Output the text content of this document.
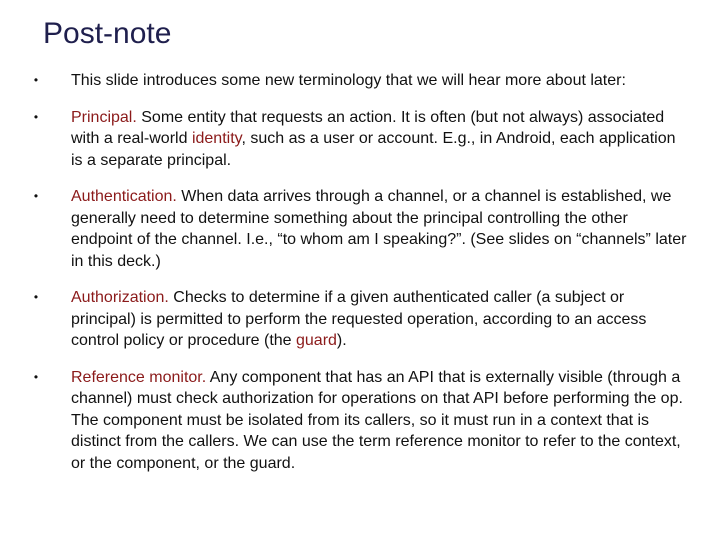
Post-note
• This slide introduces some new terminology that we will hear more about later:
• Principal. Some entity that requests an action. It is often (but not always) associated with a real-world identity, such as a user or account. E.g., in Android, each application is a separate principal.
• Authentication. When data arrives through a channel, or a channel is established, we generally need to determine something about the principal controlling the other endpoint of the channel. I.e., “to whom am I speaking?”. (See slides on “channels” later in this deck.)
• Authorization. Checks to determine if a given authenticated caller (a subject or principal) is permitted to perform the requested operation, according to an access control policy or procedure (the guard).
• Reference monitor. Any component that has an API that is externally visible (through a channel) must check authorization for operations on that API before performing the op. The component must be isolated from its callers, so it must run in a context that is distinct from the callers. We can use the term reference monitor to refer to the context, or the component, or the guard.
